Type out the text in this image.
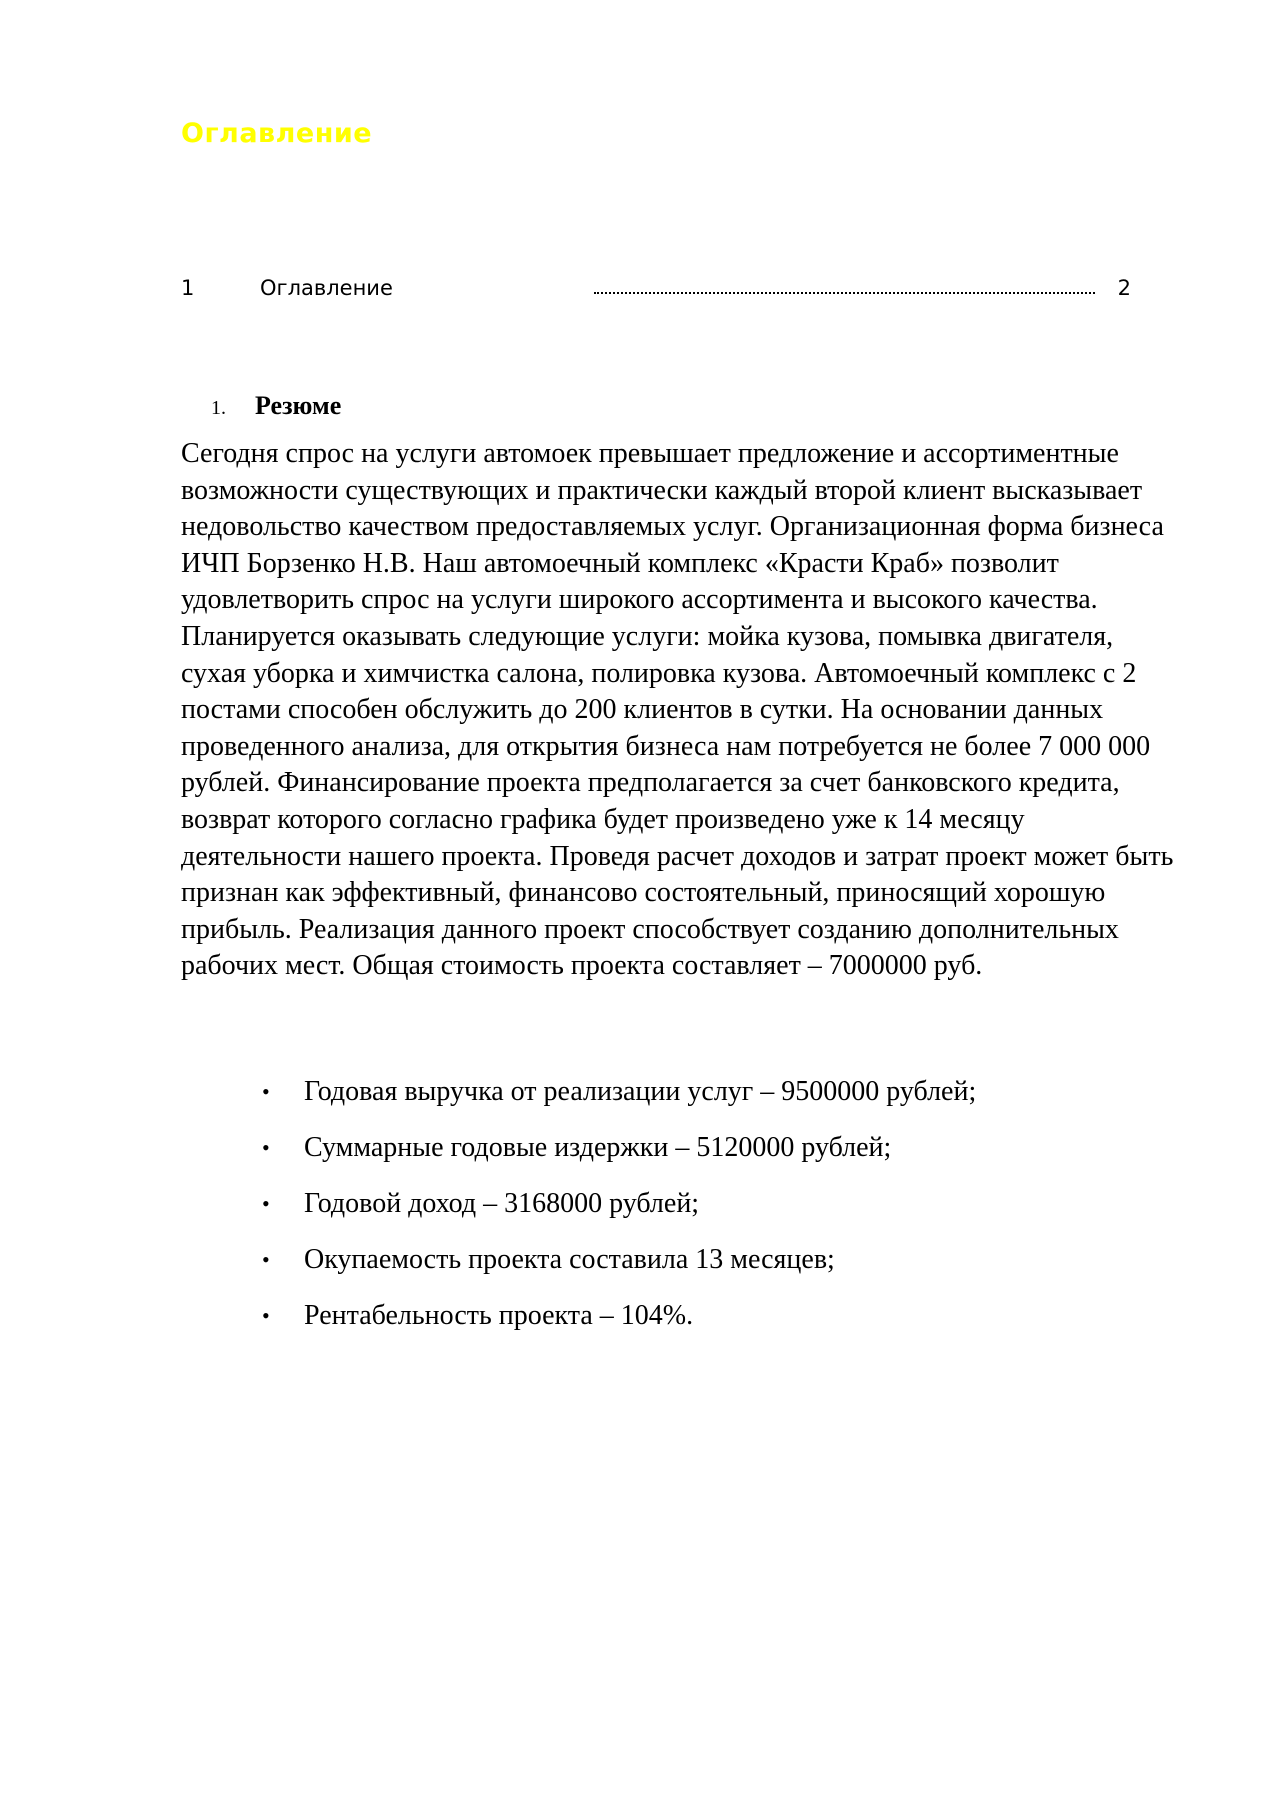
Оглавление
1	Оглавление	2
1. Резюме

Сегодня спрос на услуги автомоек превышает предложение и ассортиментные возможности существующих и практически каждый второй клиент высказывает недовольство качеством предоставляемых услуг. Организационная форма бизнеса ИЧП Борзенко Н.В. Наш автомоечный комплекс «Красти Краб» позволит удовлетворить спрос на услуги широкого ассортимента и высокого качества. Планируется оказывать следующие услуги: мойка кузова, помывка двигателя, сухая уборка и химчистка салона, полировка кузова. Автомоечный комплекс с 2 постами способен обслужить до 200 клиентов в сутки. На основании данных проведенного анализа, для открытия бизнеса нам потребуется не более 7 000 000 рублей. Финансирование проекта предполагается за счет банковского кредита, возврат которого согласно графика будет произведено уже к 14 месяцу деятельности нашего проекта. Проведя расчет доходов и затрат проект может быть признан как эффективный, финансово состоятельный, приносящий хорошую прибыль. Реализация данного проект способствует созданию дополнительных рабочих мест. Общая стоимость проекта составляет – 7000000 руб.

• Годовая выручка от реализации услуг – 9500000 рублей;
• Суммарные годовые издержки – 5120000 рублей;
• Годовой доход – 3168000 рублей;
• Окупаемость проекта составила 13 месяцев;
• Рентабельность проекта – 104%.
